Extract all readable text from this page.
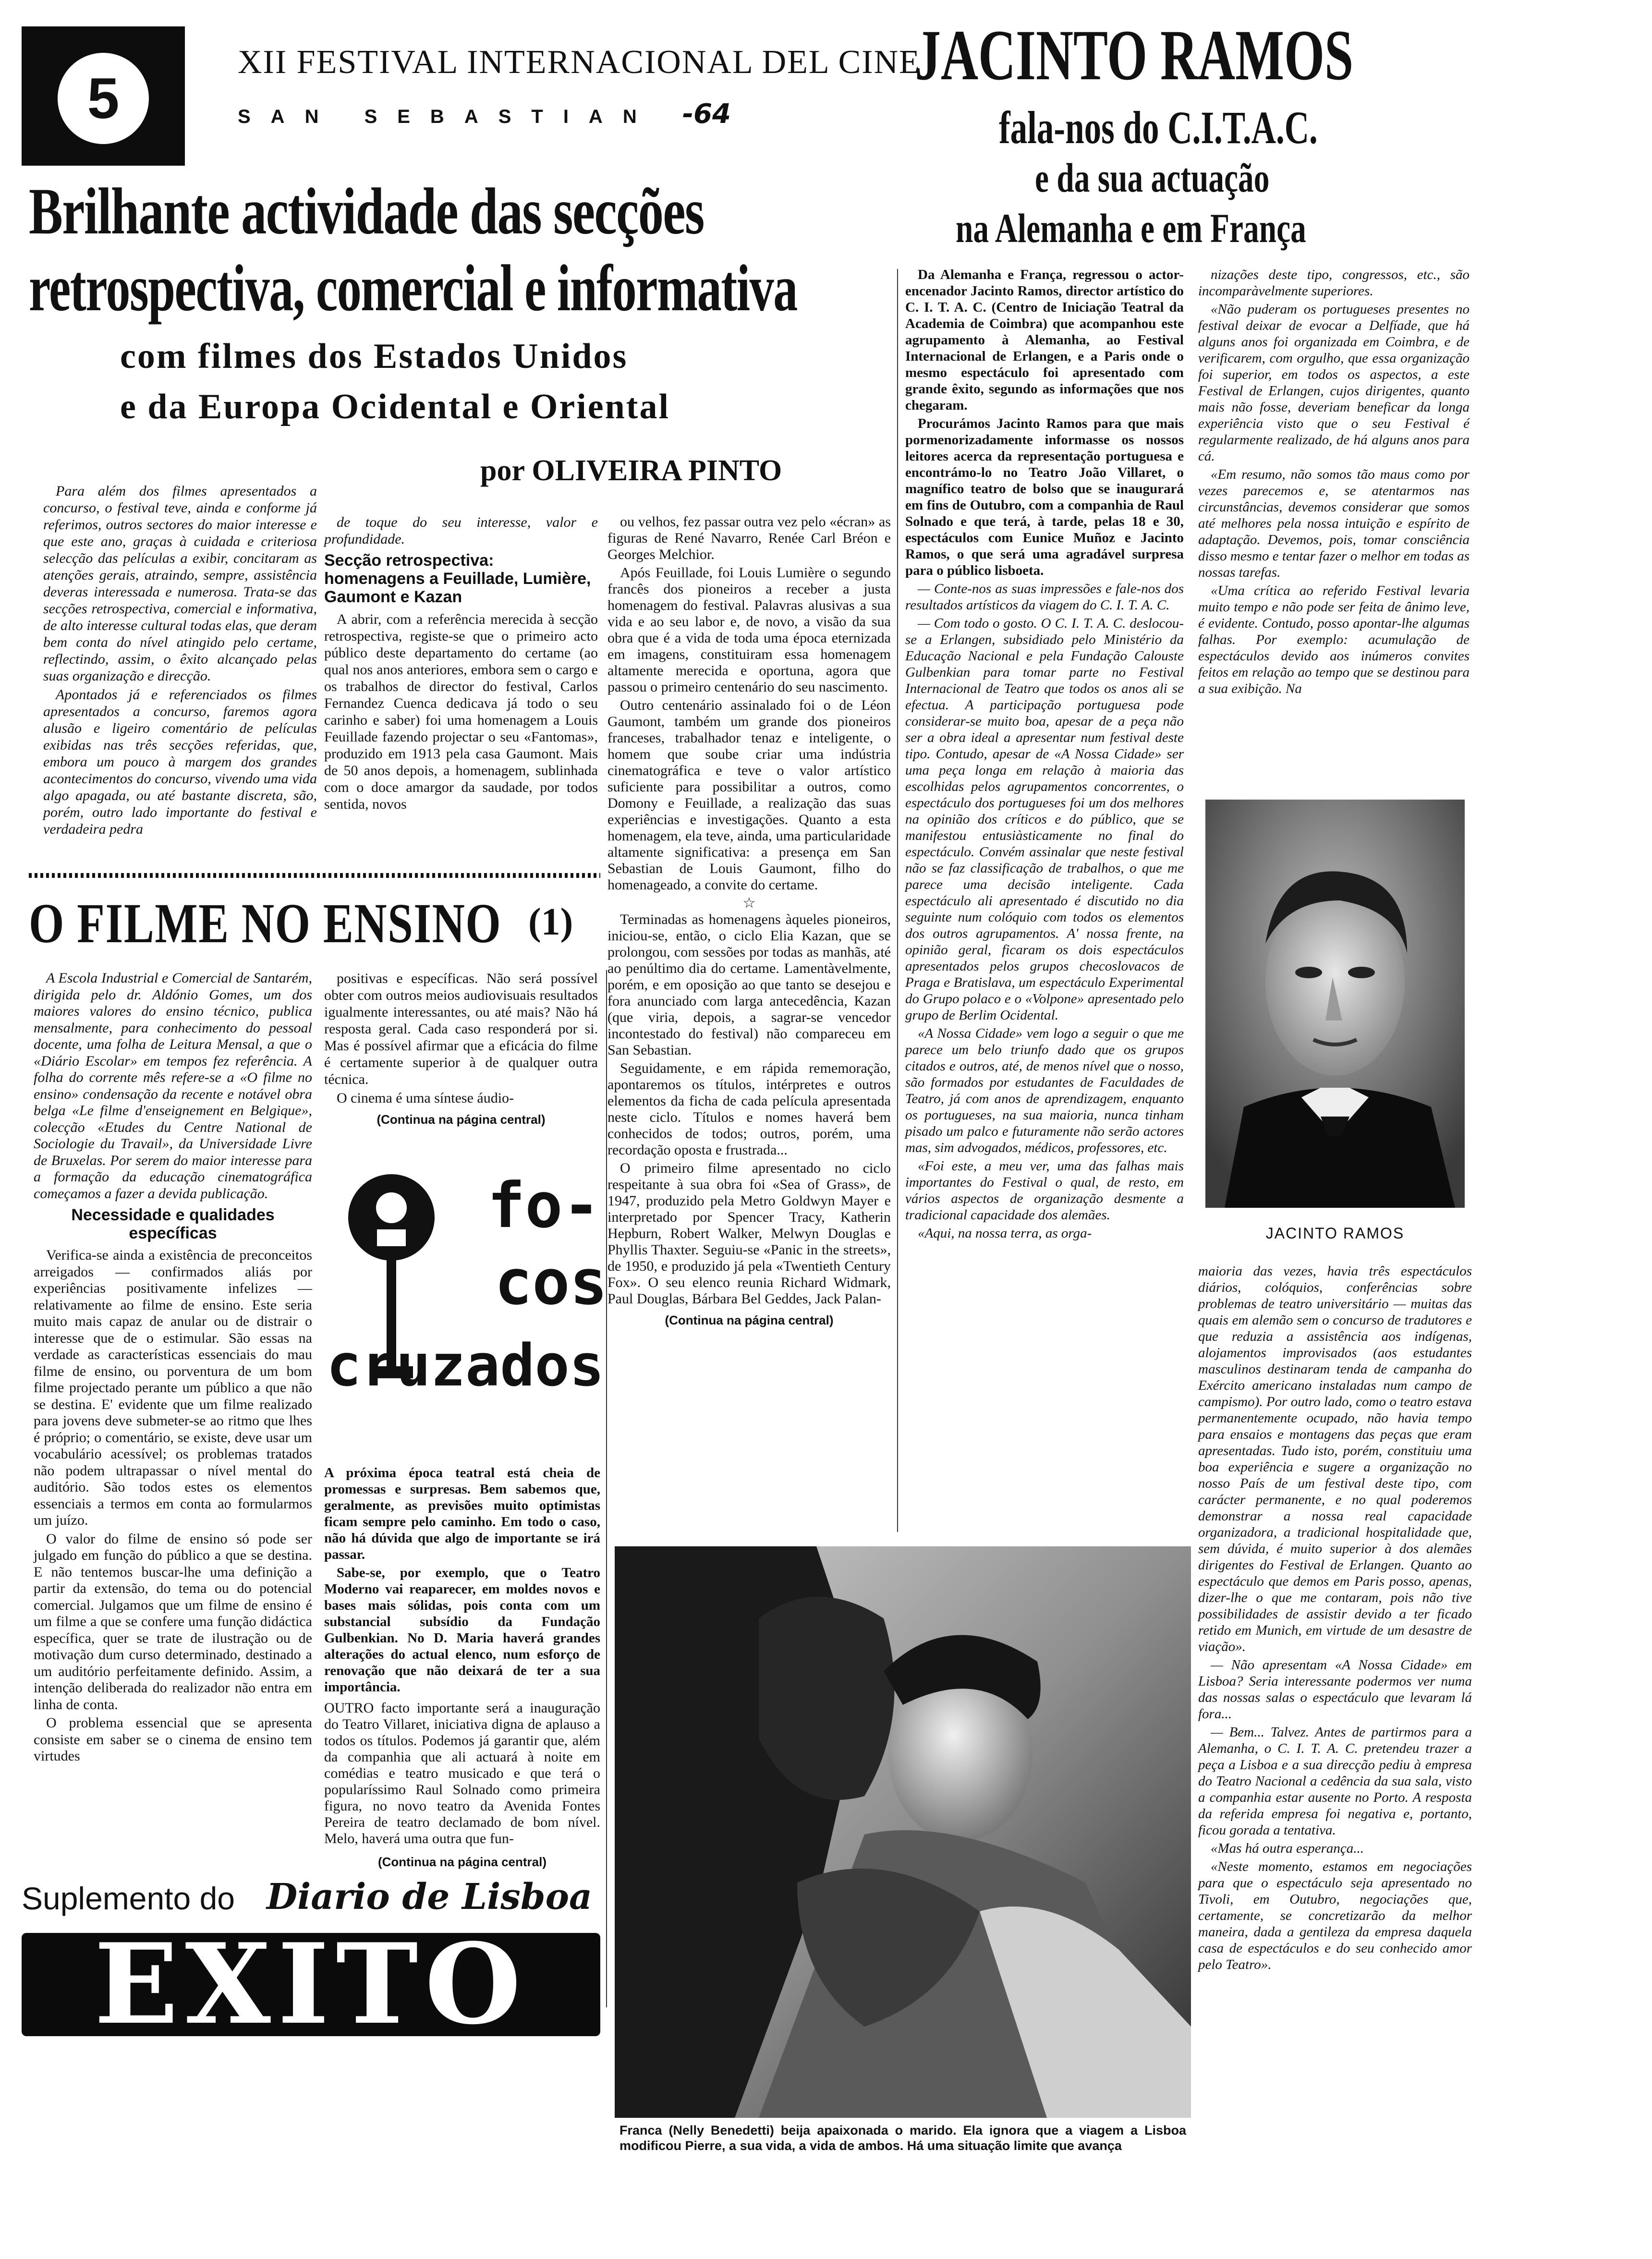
5
XII FESTIVAL INTERNACIONAL DEL CINE
SAN SEBASTIAN -64
Brilhante actividade das secções
retrospectiva, comercial e informativa
com filmes dos Estados Unidos
e da Europa Ocidental e Oriental
por OLIVEIRA PINTO

Para além dos filmes apresentados a concurso, o festival teve, ainda e conforme já referimos, outros sectores do maior interesse e que este ano, graças à cuidada e criteriosa selecção das películas a exibir, concitaram as atenções gerais, atraindo, sempre, assistência deveras interessada e numerosa. Trata-se das secções retrospectiva, comercial e informativa, de alto interesse cultural todas elas, que deram bem conta do nível atingido pelo certame, reflectindo, assim, o êxito alcançado pelas suas organização e direcção.

Apontados já e referenciados os filmes apresentados a concurso, faremos agora alusão e ligeiro comentário de películas exibidas nas três secções referidas, que, embora um pouco à margem dos grandes acontecimentos do concurso, vivendo uma vida algo apagada, ou até bastante discreta, são, porém, outro lado importante do festival e verdadeira pedra

de toque do seu interesse, valor e profundidade.

Secção retrospectiva: homenagens a Feuillade, Lumière, Gaumont e Kazan

A abrir, com a referência merecida à secção retrospectiva, registe-se que o primeiro acto público deste departamento do certame (ao qual nos anos anteriores, embora sem o cargo e os trabalhos de director do festival, Carlos Fernandez Cuenca dedicava já todo o seu carinho e saber) foi uma homenagem a Louis Feuillade fazendo projectar o seu «Fantomas», produzido em 1913 pela casa Gaumont. Mais de 50 anos depois, a homenagem, sublinhada com o doce amargor da saudade, por todos sentida, novos

ou velhos, fez passar outra vez pelo «écran» as figuras de René Navarro, Renée Carl Bréon e Georges Melchior.

Após Feuillade, foi Louis Lumière o segundo francês dos pioneiros a receber a justa homenagem do festival. Palavras alusivas a sua vida e ao seu labor e, de novo, a visão da sua obra que é a vida de toda uma época eternizada em imagens, constituiram essa homenagem altamente merecida e oportuna, agora que passou o primeiro centenário do seu nascimento.

Outro centenário assinalado foi o de Léon Gaumont, também um grande dos pioneiros franceses, trabalhador tenaz e inteligente, o homem que soube criar uma indústria cinematográfica e teve o valor artístico suficiente para possibilitar a outros, como Domony e Feuillade, a realização das suas experiências e investigações. Quanto a esta homenagem, ela teve, ainda, uma particularidade altamente significativa: a presença em San Sebastian de Louis Gaumont, filho do homenageado, a convite do certame.

☆

Terminadas as homenagens àqueles pioneiros, iniciou-se, então, o ciclo Elia Kazan, que se prolongou, com sessões por todas as manhãs, até ao penúltimo dia do certame. Lamentàvelmente, porém, e em oposição ao que tanto se desejou e fora anunciado com larga antecedência, Kazan (que viria, depois, a sagrar-se vencedor incontestado do festival) não compareceu em San Sebastian.

Seguidamente, e em rápida rememoração, apontaremos os títulos, intérpretes e outros elementos da ficha de cada película apresentada neste ciclo. Títulos e nomes haverá bem conhecidos de todos; outros, porém, uma recordação oposta e frustrada...

O primeiro filme apresentado no ciclo respeitante à sua obra foi «Sea of Grass», de 1947, produzido pela Metro Goldwyn Mayer e interpretado por Spencer Tracy, Katherin Hepburn, Robert Walker, Melwyn Douglas e Phyllis Thaxter. Seguiu-se «Panic in the streets», de 1950, e produzido já pela «Twentieth Century Fox». O seu elenco reunia Richard Widmark, Paul Douglas, Bárbara Bel Geddes, Jack Palan-

(Continua na página central)
O FILME NO ENSINO (1)

A Escola Industrial e Comercial de Santarém, dirigida pelo dr. Aldónio Gomes, um dos maiores valores do ensino técnico, publica mensalmente, para conhecimento do pessoal docente, uma folha de Leitura Mensal, a que o «Diário Escolar» em tempos fez referência. A folha do corrente mês refere-se a «O filme no ensino» condensação da recente e notável obra belga «Le filme d'enseignement en Belgique», colecção «Etudes du Centre National de Sociologie du Travail», da Universidade Livre de Bruxelas. Por serem do maior interesse para a formação da educação cinematográfica começamos a fazer a devida publicação.

Necessidade e qualidades específicas

Verifica-se ainda a existência de preconceitos arreigados — confirmados aliás por experiências positivamente infelizes — relativamente ao filme de ensino. Este seria muito mais capaz de anular ou de distrair o interesse que de o estimular. São essas na verdade as características essenciais do mau filme de ensino, ou porventura de um bom filme projectado perante um público a que não se destina. E' evidente que um filme realizado para jovens deve submeter-se ao ritmo que lhes é próprio; o comentário, se existe, deve usar um vocabulário acessível; os problemas tratados não podem ultrapassar o nível mental do auditório. São todos estes os elementos essenciais a termos em conta ao formularmos um juízo.

O valor do filme de ensino só pode ser julgado em função do público a que se destina. E não tentemos buscar-lhe uma definição a partir da extensão, do tema ou do potencial comercial. Julgamos que um filme de ensino é um filme a que se confere uma função didáctica específica, quer se trate de ilustração ou de motivação dum curso determinado, destinado a um auditório perfeitamente definido. Assim, a intenção deliberada do realizador não entra em linha de conta.

O problema essencial que se apresenta consiste em saber se o cinema de ensino tem virtudes

positivas e específicas. Não será possível obter com outros meios audiovisuais resultados igualmente interessantes, ou até mais? Não há resposta geral. Cada caso responderá por si. Mas é possível afirmar que a eficácia do filme é certamente superior à de qualquer outra técnica.

O cinema é uma síntese áudio-

(Continua na página central)
fo-
cos
cruzados

A próxima época teatral está cheia de promessas e surpresas. Bem sabemos que, geralmente, as previsões muito optimistas ficam sempre pelo caminho. Em todo o caso, não há dúvida que algo de importante se irá passar.

Sabe-se, por exemplo, que o Teatro Moderno vai reaparecer, em moldes novos e bases mais sólidas, pois conta com um substancial subsídio da Fundação Gulbenkian. No D. Maria haverá grandes alterações do actual elenco, num esforço de renovação que não deixará de ter a sua importância.

OUTRO facto importante será a inauguração do Teatro Villaret, iniciativa digna de aplauso a todos os títulos. Podemos já garantir que, além da companhia que ali actuará à noite em comédias e teatro musicado e que terá o popularíssimo Raul Solnado como primeira figura, no novo teatro da Avenida Fontes Pereira de teatro declamado de bom nível. Melo, haverá uma outra que fun-

(Continua na página central)
Suplemento do Diario de Lisboa
EXITO
JACINTO RAMOS
fala-nos do C.I.T.A.C.
e da sua actuação
na Alemanha e em França

Da Alemanha e França, regressou o actor-encenador Jacinto Ramos, director artístico do C. I. T. A. C. (Centro de Iniciação Teatral da Academia de Coimbra) que acompanhou este agrupamento à Alemanha, ao Festival Internacional de Erlangen, e a Paris onde o mesmo espectáculo foi apresentado com grande êxito, segundo as informações que nos chegaram.

Procurámos Jacinto Ramos para que mais pormenorizadamente informasse os nossos leitores acerca da representação portuguesa e encontrámo-lo no Teatro João Villaret, o magnífico teatro de bolso que se inaugurará em fins de Outubro, com a companhia de Raul Solnado e que terá, à tarde, pelas 18 e 30, espectáculos com Eunice Muñoz e Jacinto Ramos, o que será uma agradável surpresa para o público lisboeta.

— Conte-nos as suas impressões e fale-nos dos resultados artísticos da viagem do C. I. T. A. C.

— Com todo o gosto. O C. I. T. A. C. deslocou-se a Erlangen, subsidiado pelo Ministério da Educação Nacional e pela Fundação Calouste Gulbenkian para tomar parte no Festival Internacional de Teatro que todos os anos ali se efectua. A participação portuguesa pode considerar-se muito boa, apesar de a peça não ser a obra ideal a apresentar num festival deste tipo. Contudo, apesar de «A Nossa Cidade» ser uma peça longa em relação à maioria das escolhidas pelos agrupamentos concorrentes, o espectáculo dos portugueses foi um dos melhores na opinião dos críticos e do público, que se manifestou entusiàsticamente no final do espectáculo. Convém assinalar que neste festival não se faz classificação de trabalhos, o que me parece uma decisão inteligente. Cada espectáculo ali apresentado é discutido no dia seguinte num colóquio com todos os elementos dos outros agrupamentos. A' nossa frente, na opinião geral, ficaram os dois espectáculos apresentados pelos grupos checoslovacos de Praga e Bratislava, um espectáculo Experimental do Grupo polaco e o «Volpone» apresentado pelo grupo de Berlim Ocidental.

«A Nossa Cidade» vem logo a seguir o que me parece um belo triunfo dado que os grupos citados e outros, até, de menos nível que o nosso, são formados por estudantes de Faculdades de Teatro, já com anos de aprendizagem, enquanto os portugueses, na sua maioria, nunca tinham pisado um palco e futuramente não serão actores mas, sim advogados, médicos, professores, etc.

«Foi este, a meu ver, uma das falhas mais importantes do Festival o qual, de resto, em vários aspectos de organização desmente a tradicional capacidade dos alemães.

«Aqui, na nossa terra, as orga-

nizações deste tipo, congressos, etc., são incomparàvelmente superiores.

«Não puderam os portugueses presentes no festival deixar de evocar a Delfíade, que há alguns anos foi organizada em Coimbra, e de verificarem, com orgulho, que essa organização foi superior, em todos os aspectos, a este Festival de Erlangen, cujos dirigentes, quanto mais não fosse, deveriam beneficar da longa experiência visto que o seu Festival é regularmente realizado, de há alguns anos para cá.

«Em resumo, não somos tão maus como por vezes parecemos e, se atentarmos nas circunstâncias, devemos considerar que somos até melhores pela nossa intuição e espírito de adaptação. Devemos, pois, tomar consciência disso mesmo e tentar fazer o melhor em todas as nossas tarefas.

«Uma crítica ao referido Festival levaria muito tempo e não pode ser feita de ânimo leve, é evidente. Contudo, posso apontar-lhe algumas falhas. Por exemplo: acumulação de espectáculos devido aos inúmeros convites feitos em relação ao tempo que se destinou para a sua exibição. Na

JACINTO RAMOS

maioria das vezes, havia três espectáculos diários, colóquios, conferências sobre problemas de teatro universitário — muitas das quais em alemão sem o concurso de tradutores e que reduzia a assistência aos indígenas, alojamentos improvisados (aos estudantes masculinos destinaram tenda de campanha do Exército americano instaladas num campo de campismo). Por outro lado, como o teatro estava permanentemente ocupado, não havia tempo para ensaios e montagens das peças que eram apresentadas. Tudo isto, porém, constituiu uma boa experiência e sugere a organização no nosso País de um festival deste tipo, com carácter permanente, e no qual poderemos demonstrar a nossa real capacidade organizadora, a tradicional hospitalidade que, sem dúvida, é muito superior à dos alemães dirigentes do Festival de Erlangen. Quanto ao espectáculo que demos em Paris posso, apenas, dizer-lhe o que me contaram, pois não tive possibilidades de assistir devido a ter ficado retido em Munich, em virtude de um desastre de viação».

— Não apresentam «A Nossa Cidade» em Lisboa? Seria interessante podermos ver numa das nossas salas o espectáculo que levaram lá fora...

— Bem... Talvez. Antes de partirmos para a Alemanha, o C. I. T. A. C. pretendeu trazer a peça a Lisboa e a sua direcção pediu à empresa do Teatro Nacional a cedência da sua sala, visto a companhia estar ausente no Porto. A resposta da referida empresa foi negativa e, portanto, ficou gorada a tentativa.

«Mas há outra esperança...

«Neste momento, estamos em negociações para que o espectáculo seja apresentado no Tivoli, em Outubro, negociações que, certamente, se concretizarão da melhor maneira, dada a gentileza da empresa daquela casa de espectáculos e do seu conhecido amor pelo Teatro».

Franca (Nelly Benedetti) beija apaixonada o marido. Ela ignora que a viagem a Lisboa modificou Pierre, a sua vida, a vida de ambos. Há uma situação limite que avança
